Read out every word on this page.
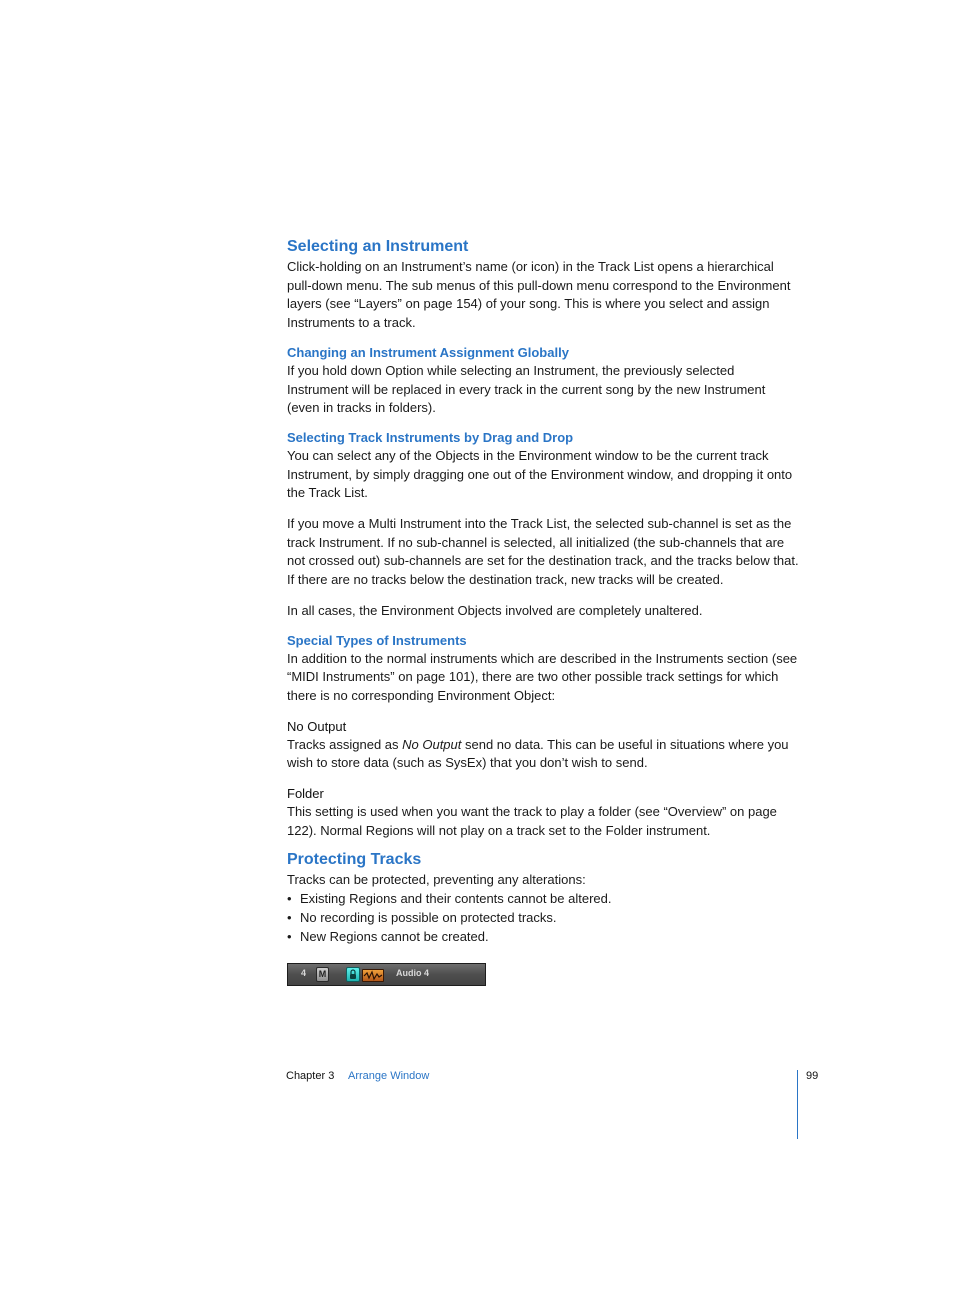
Selecting an Instrument

Click-holding on an Instrument’s name (or icon) in the Track List opens a hierarchical pull-down menu. The sub menus of this pull-down menu correspond to the Environment layers (see “Layers” on page 154) of your song. This is where you select and assign Instruments to a track.

Changing an Instrument Assignment Globally

If you hold down Option while selecting an Instrument, the previously selected Instrument will be replaced in every track in the current song by the new Instrument (even in tracks in folders).

Selecting Track Instruments by Drag and Drop

You can select any of the Objects in the Environment window to be the current track Instrument, by simply dragging one out of the Environment window, and dropping it onto the Track List.

If you move a Multi Instrument into the Track List, the selected sub-channel is set as the track Instrument. If no sub-channel is selected, all initialized (the sub-channels that are not crossed out) sub-channels are set for the destination track, and the tracks below that. If there are no tracks below the destination track, new tracks will be created.

In all cases, the Environment Objects involved are completely unaltered.

Special Types of Instruments

In addition to the normal instruments which are described in the Instruments section (see “MIDI Instruments” on page 101), there are two other possible track settings for which there is no corresponding Environment Object:

No Output

Tracks assigned as No Output send no data. This can be useful in situations where you wish to store data (such as SysEx) that you don’t wish to send.

Folder

This setting is used when you want the track to play a folder (see “Overview” on page 122). Normal Regions will not play on a track set to the Folder instrument.

Protecting Tracks

Tracks can be protected, preventing any alterations:

• Existing Regions and their contents cannot be altered.
• No recording is possible on protected tracks.
• New Regions cannot be created.
4	M	Audio 4
Chapter 3 Arrange Window	99
